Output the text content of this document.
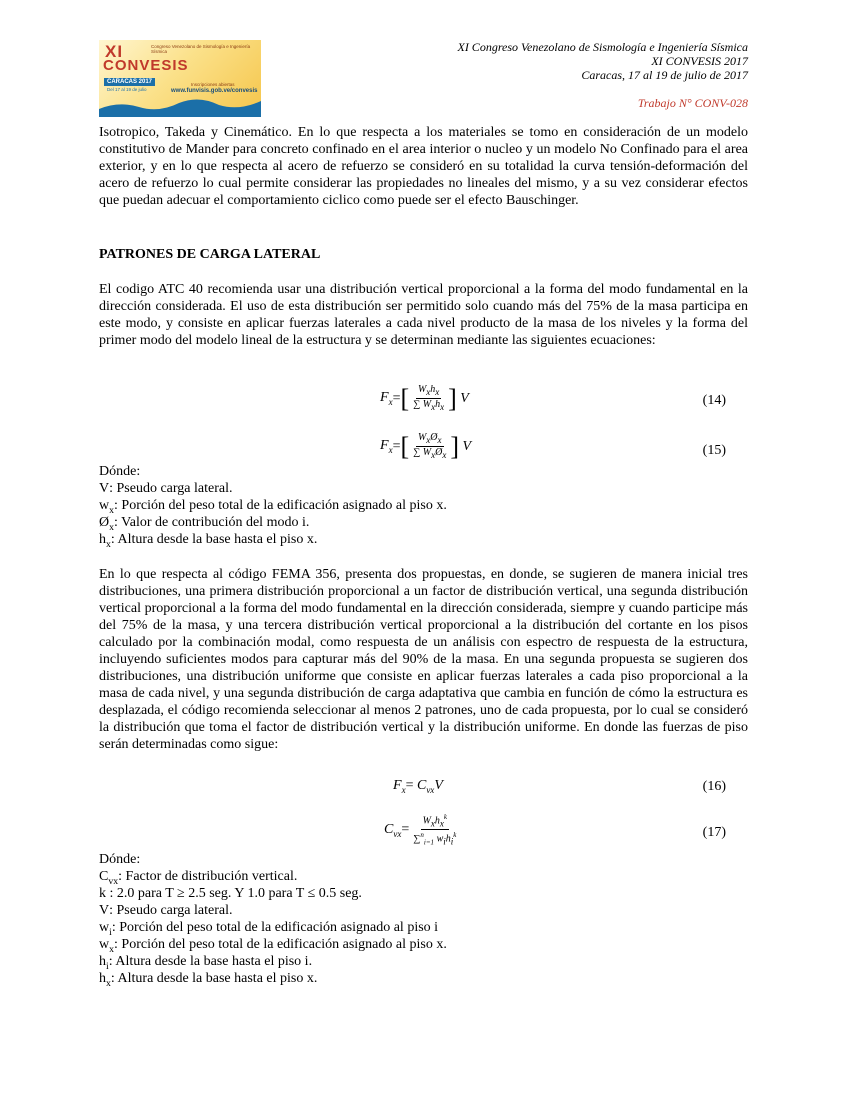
XI
CONVESIS
Congreso Venezolano de Sismología e Ingeniería Sísmica
CARACAS 2017
Del 17 al 19 de julio
Inscripciones abiertas
www.funvisis.gob.ve/convesis
XI Congreso Venezolano de Sismología e Ingeniería Sísmica
XI CONVESIS 2017
Caracas, 17 al 19 de julio de 2017
Trabajo N° CONV-028
Isotropico, Takeda y Cinemático. En lo que respecta a los materiales se tomo en consideración de un modelo constitutivo de Mander para concreto confinado en el area interior o nucleo y un modelo No Confinado para el area exterior, y en lo que respecta al acero de refuerzo se consideró en su totalidad la curva tensión-deformación del acero de refuerzo lo cual permite considerar las propiedades no lineales del mismo, y a su vez considerar efectos que puedan adecuar el comportamiento ciclico como puede ser el efecto Bauschinger.
PATRONES DE CARGA LATERAL
El codigo ATC 40 recomienda usar una distribución vertical proporcional a la forma del modo fundamental en la dirección considerada. El uso de esta distribución ser permitido solo cuando más del 75% de la masa participa en este modo, y consiste en aplicar fuerzas laterales a cada nivel producto de la masa de los niveles y la forma del primer modo del modelo lineal de la estructura y se determinan mediante las siguientes ecuaciones:
$F_x$ = [ $\frac{W_xh_x}{\sum W_xh_x}$ ] V	(14)
$F_x$ = [ $\frac{W_xØ_x}{\sum W_xØ_x}$ ] V	(15)
Dónde:
V: Pseudo carga lateral.
$w_x$: Porción del peso total de la edificación asignado al piso x.
$Ø_x$: Valor de contribución del modo i.
$h_x$: Altura desde la base hasta el piso x.
En lo que respecta al código FEMA 356, presenta dos propuestas, en donde, se sugieren de manera inicial tres distribuciones, una primera distribución proporcional a un factor de distribución vertical, una segunda distribución vertical proporcional a la forma del modo fundamental en la dirección considerada, siempre y cuando participe más del 75% de la masa, y una tercera distribución vertical proporcional a la distribución del cortante en los pisos calculado por la combinación modal, como respuesta de un análisis con espectro de respuesta de la estructura, incluyendo suficientes modos para capturar más del 90% de la masa. En una segunda propuesta se sugieren dos distribuciones, una distribución uniforme que consiste en aplicar fuerzas laterales a cada piso proporcional a la masa de cada nivel, y una segunda distribución de carga adaptativa que cambia en función de cómo la estructura es desplazada, el código recomienda seleccionar al menos 2 patrones, uno de cada propuesta, por lo cual se consideró la distribución que toma el factor de distribución vertical y la distribución uniforme. En donde las fuerzas de piso serán determinadas como sigue:
$F_x = C_{vx}V$	(16)
$C_{vx} = \frac{W_xh_x^k}{\sum^n_{i=1} w_ih_i^k}$	(17)
Dónde:
$C_{vx}$: Factor de distribución vertical.
k : 2.0 para T ≥ 2.5 seg. Y 1.0 para T ≤ 0.5 seg.
V: Pseudo carga lateral.
$w_i$: Porción del peso total de la edificación asignado al piso i
$w_x$: Porción del peso total de la edificación asignado al piso x.
$h_i$: Altura desde la base hasta el piso i.
$h_x$: Altura desde la base hasta el piso x.
